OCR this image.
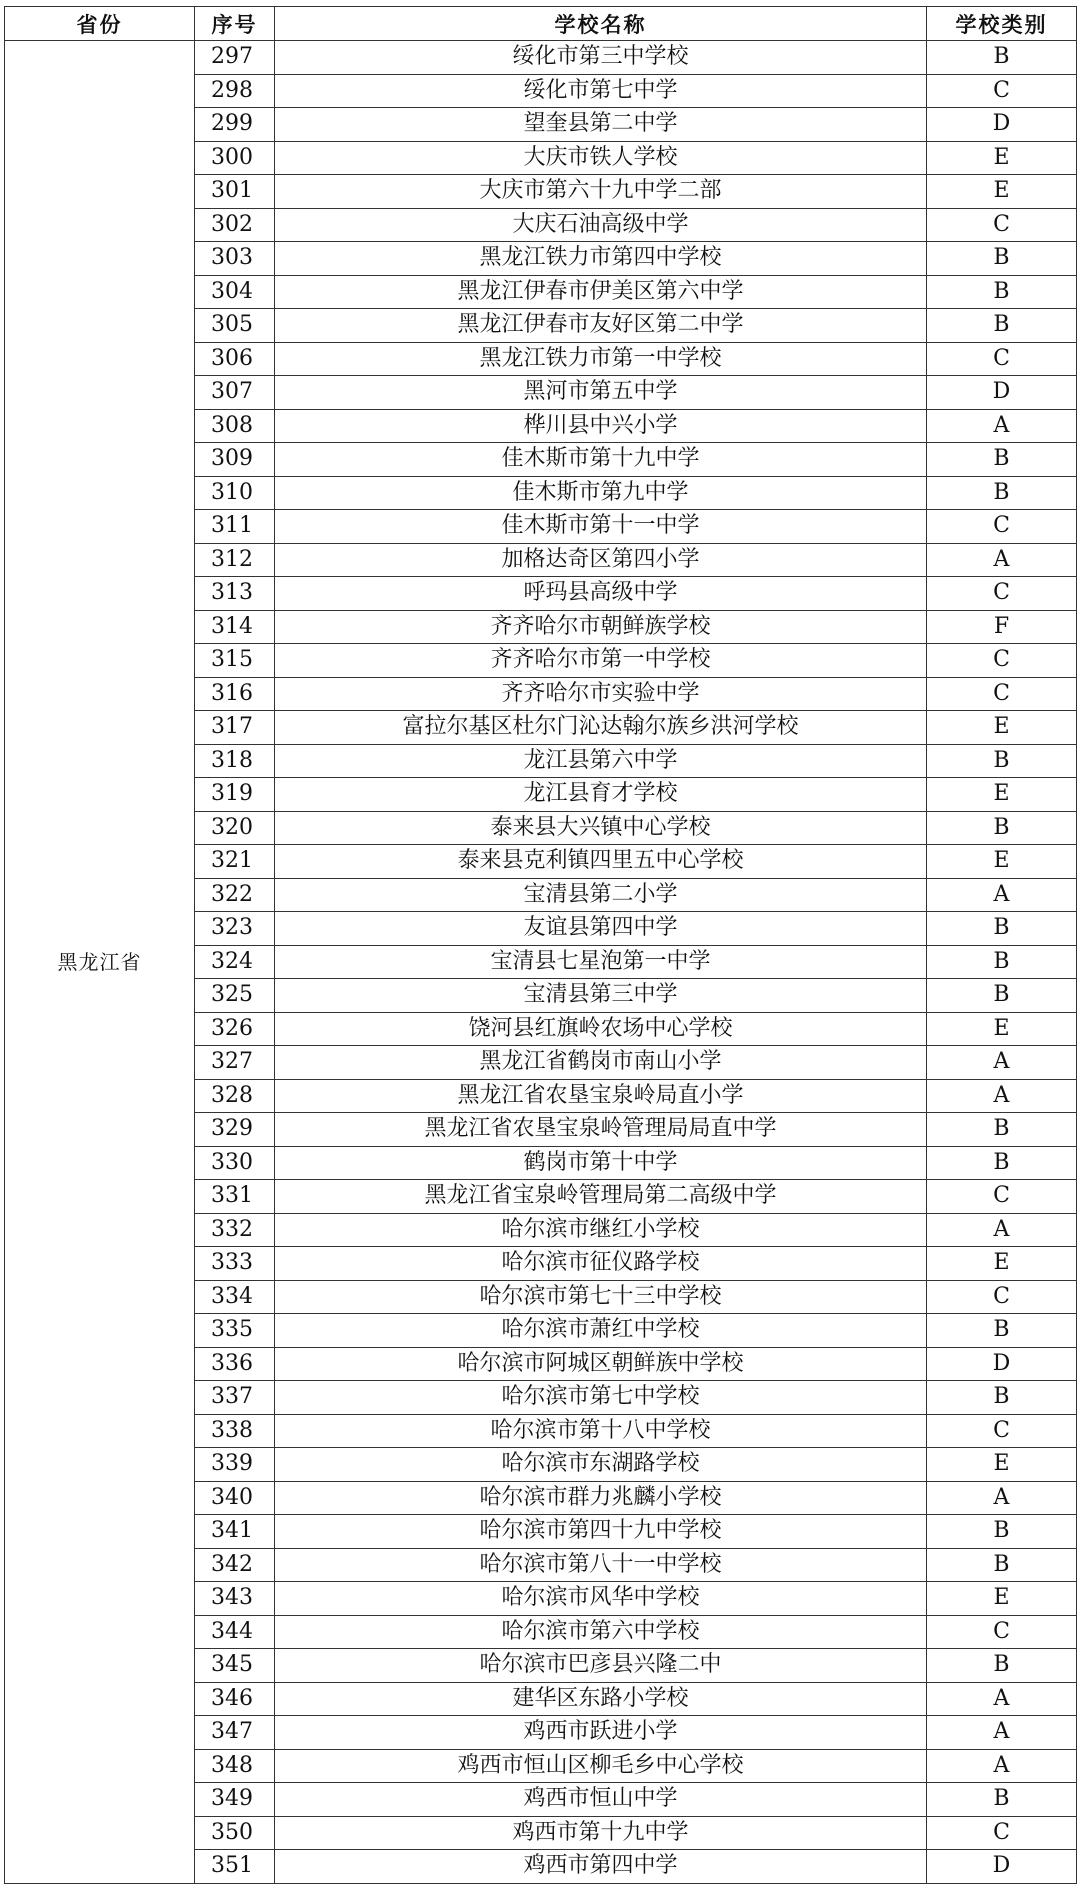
省份	序号	学校名称	学校类别
黑龙江省	297	绥化市第三中学校	B
	298	绥化市第七中学	C
	299	望奎县第二中学	D
	300	大庆市铁人学校	E
	301	大庆市第六十九中学二部	E
	302	大庆石油高级中学	C
	303	黑龙江铁力市第四中学校	B
	304	黑龙江伊春市伊美区第六中学	B
	305	黑龙江伊春市友好区第二中学	B
	306	黑龙江铁力市第一中学校	C
	307	黑河市第五中学	D
	308	桦川县中兴小学	A
	309	佳木斯市第十九中学	B
	310	佳木斯市第九中学	B
	311	佳木斯市第十一中学	C
	312	加格达奇区第四小学	A
	313	呼玛县高级中学	C
	314	齐齐哈尔市朝鲜族学校	F
	315	齐齐哈尔市第一中学校	C
	316	齐齐哈尔市实验中学	C
	317	富拉尔基区杜尔门沁达翰尔族乡洪河学校	E
	318	龙江县第六中学	B
	319	龙江县育才学校	E
	320	泰来县大兴镇中心学校	B
	321	泰来县克利镇四里五中心学校	E
	322	宝清县第二小学	A
	323	友谊县第四中学	B
	324	宝清县七星泡第一中学	B
	325	宝清县第三中学	B
	326	饶河县红旗岭农场中心学校	E
	327	黑龙江省鹤岗市南山小学	A
	328	黑龙江省农垦宝泉岭局直小学	A
	329	黑龙江省农垦宝泉岭管理局局直中学	B
	330	鹤岗市第十中学	B
	331	黑龙江省宝泉岭管理局第二高级中学	C
	332	哈尔滨市继红小学校	A
	333	哈尔滨市征仪路学校	E
	334	哈尔滨市第七十三中学校	C
	335	哈尔滨市萧红中学校	B
	336	哈尔滨市阿城区朝鲜族中学校	D
	337	哈尔滨市第七中学校	B
	338	哈尔滨市第十八中学校	C
	339	哈尔滨市东湖路学校	E
	340	哈尔滨市群力兆麟小学校	A
	341	哈尔滨市第四十九中学校	B
	342	哈尔滨市第八十一中学校	B
	343	哈尔滨市风华中学校	E
	344	哈尔滨市第六中学校	C
	345	哈尔滨市巴彦县兴隆二中	B
	346	建华区东路小学校	A
	347	鸡西市跃进小学	A
	348	鸡西市恒山区柳毛乡中心学校	A
	349	鸡西市恒山中学	B
	350	鸡西市第十九中学	C
	351	鸡西市第四中学	D
